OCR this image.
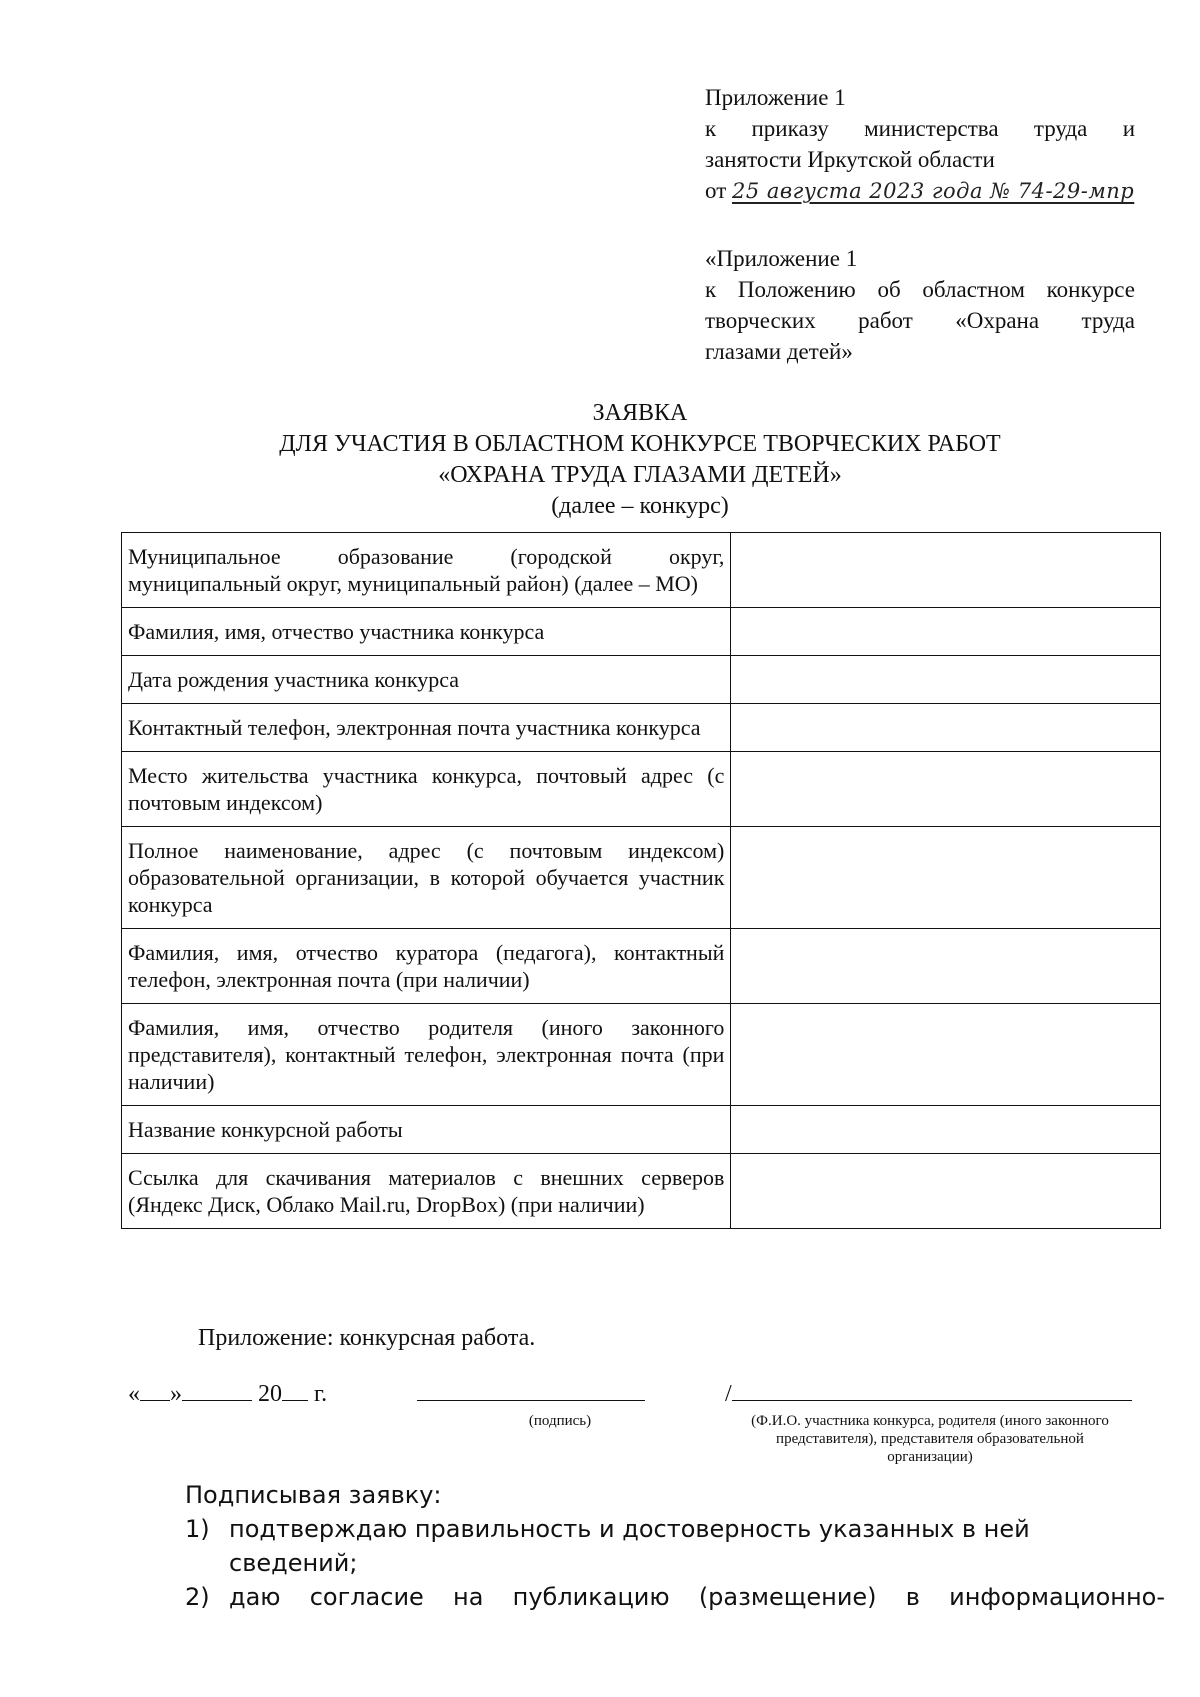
Приложение 1
к приказу министерства труда и
занятости Иркутской области
от 25 августа 2023 года № 74-29-мпр
«Приложение 1
к Положению об областном конкурсе
творческих работ «Охрана труда
глазами детей»
ЗАЯВКА
ДЛЯ УЧАСТИЯ В ОБЛАСТНОМ КОНКУРСЕ ТВОРЧЕСКИХ РАБОТ
«ОХРАНА ТРУДА ГЛАЗАМИ ДЕТЕЙ»
(далее – конкурс)
Муниципальное образование (городской округ, муниципальный округ, муниципальный район) (далее – МО)	
Фамилия, имя, отчество участника конкурса	
Дата рождения участника конкурса	
Контактный телефон, электронная почта участника конкурса	
Место жительства участника конкурса, почтовый адрес (с почтовым индексом)	
Полное наименование, адрес (с почтовым индексом) образовательной организации, в которой обучается участник конкурса	
Фамилия, имя, отчество куратора (педагога), контактный телефон, электронная почта (при наличии)	
Фамилия, имя, отчество родителя (иного законного представителя), контактный телефон, электронная почта (при наличии)	
Название конкурсной работы	
Ссылка для скачивания материалов с внешних серверов (Яндекс Диск, Облако Mail.ru, DropBox) (при наличии)	
Приложение: конкурсная работа.
« »	20 г.	/
(подпись)	(Ф.И.О. участника конкурса, родителя (иного законного
представителя), представителя образовательной
организации)
Подписывая заявку:
1) подтверждаю правильность и достоверность указанных в ней сведений;
2) даю согласие на публикацию (размещение) в информационно-
